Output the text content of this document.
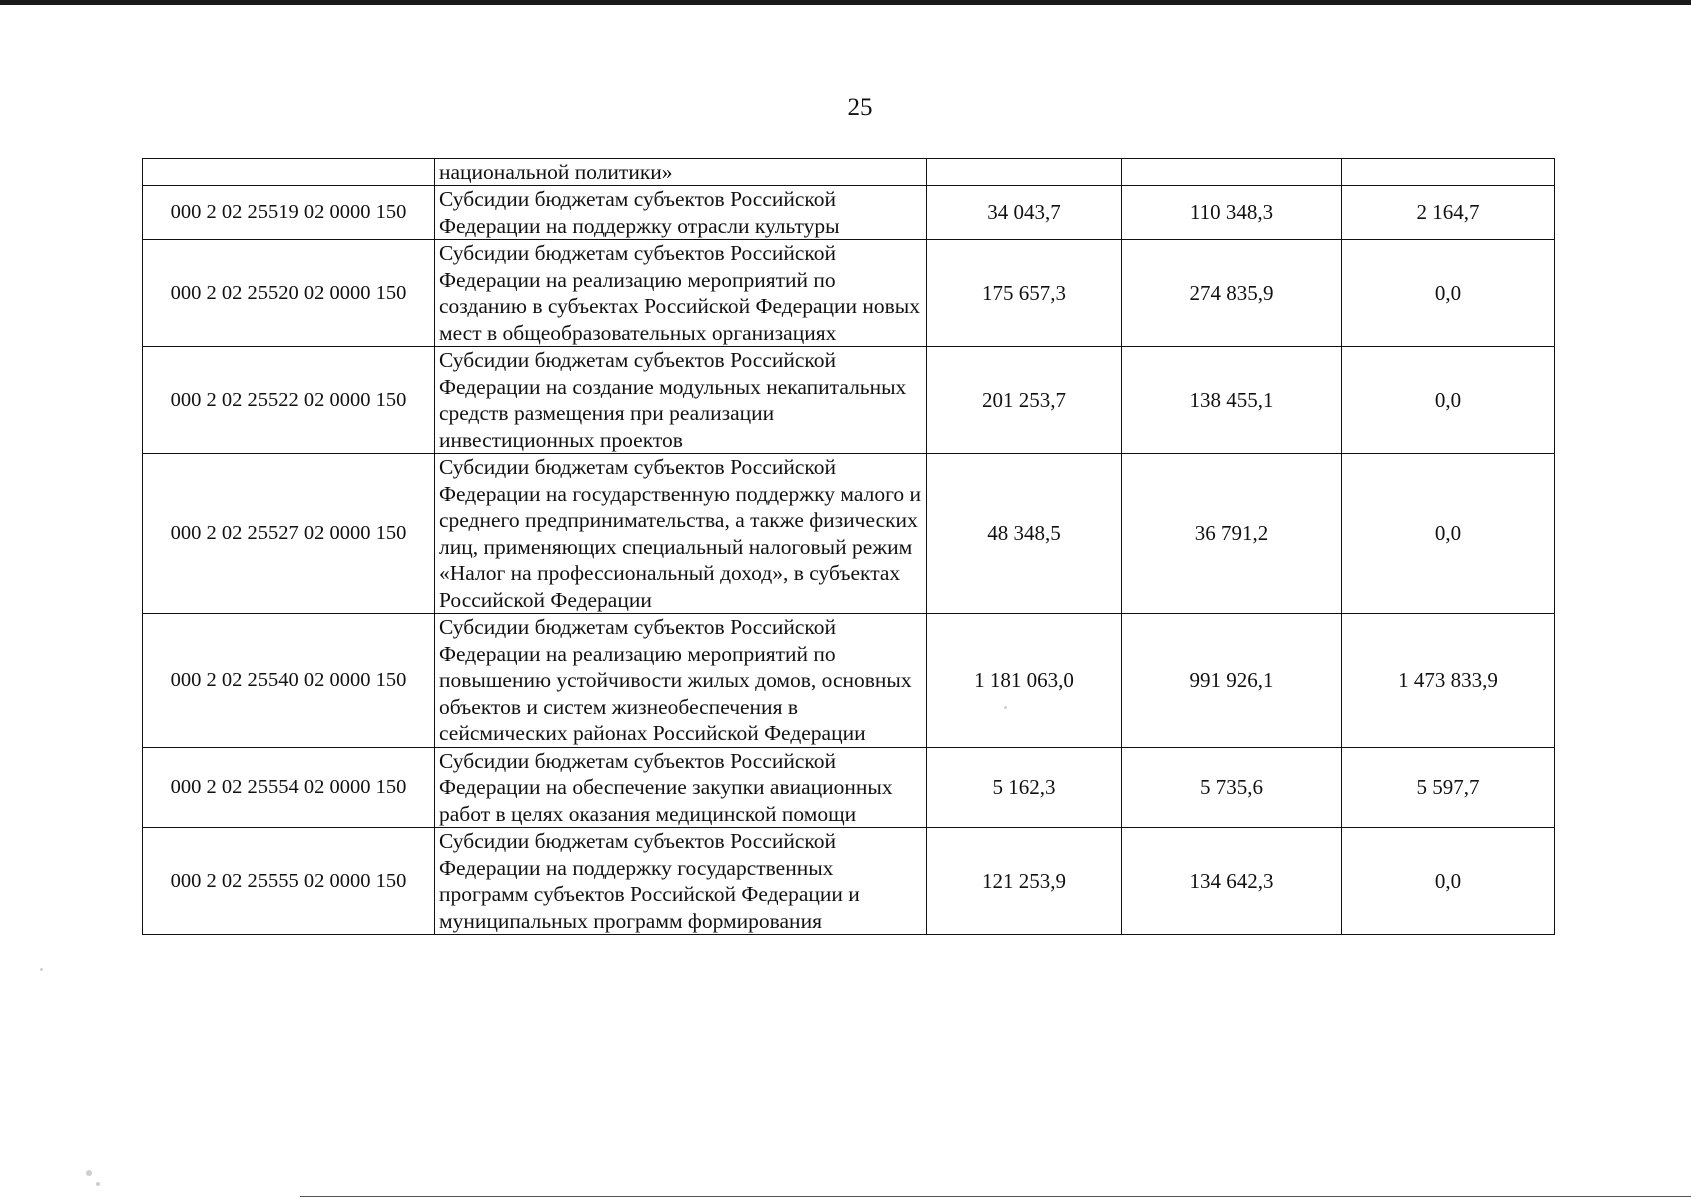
25
	национальной политики»			
000 2 02 25519 02 0000 150	Субсидии бюджетам субъектов Российской Федерации на поддержку отрасли культуры	34 043,7	110 348,3	2 164,7
000 2 02 25520 02 0000 150	Субсидии бюджетам субъектов Российской Федерации на реализацию мероприятий по созданию в субъектах Российской Федерации новых мест в общеобразовательных организациях	175 657,3	274 835,9	0,0
000 2 02 25522 02 0000 150	Субсидии бюджетам субъектов Российской Федерации на создание модульных некапитальных средств размещения при реализации инвестиционных проектов	201 253,7	138 455,1	0,0
000 2 02 25527 02 0000 150	Субсидии бюджетам субъектов Российской Федерации на государственную поддержку малого и среднего предпринимательства, а также физических лиц, применяющих специальный налоговый режим «Налог на профессиональный доход», в субъектах Российской Федерации	48 348,5	36 791,2	0,0
000 2 02 25540 02 0000 150	Субсидии бюджетам субъектов Российской Федерации на реализацию мероприятий по повышению устойчивости жилых домов, основных объектов и систем жизнеобеспечения в сейсмических районах Российской Федерации	1 181 063,0	991 926,1	1 473 833,9
000 2 02 25554 02 0000 150	Субсидии бюджетам субъектов Российской Федерации на обеспечение закупки авиационных работ в целях оказания медицинской помощи	5 162,3	5 735,6	5 597,7
000 2 02 25555 02 0000 150	Субсидии бюджетам субъектов Российской Федерации на поддержку государственных программ субъектов Российской Федерации и муниципальных программ формирования	121 253,9	134 642,3	0,0
